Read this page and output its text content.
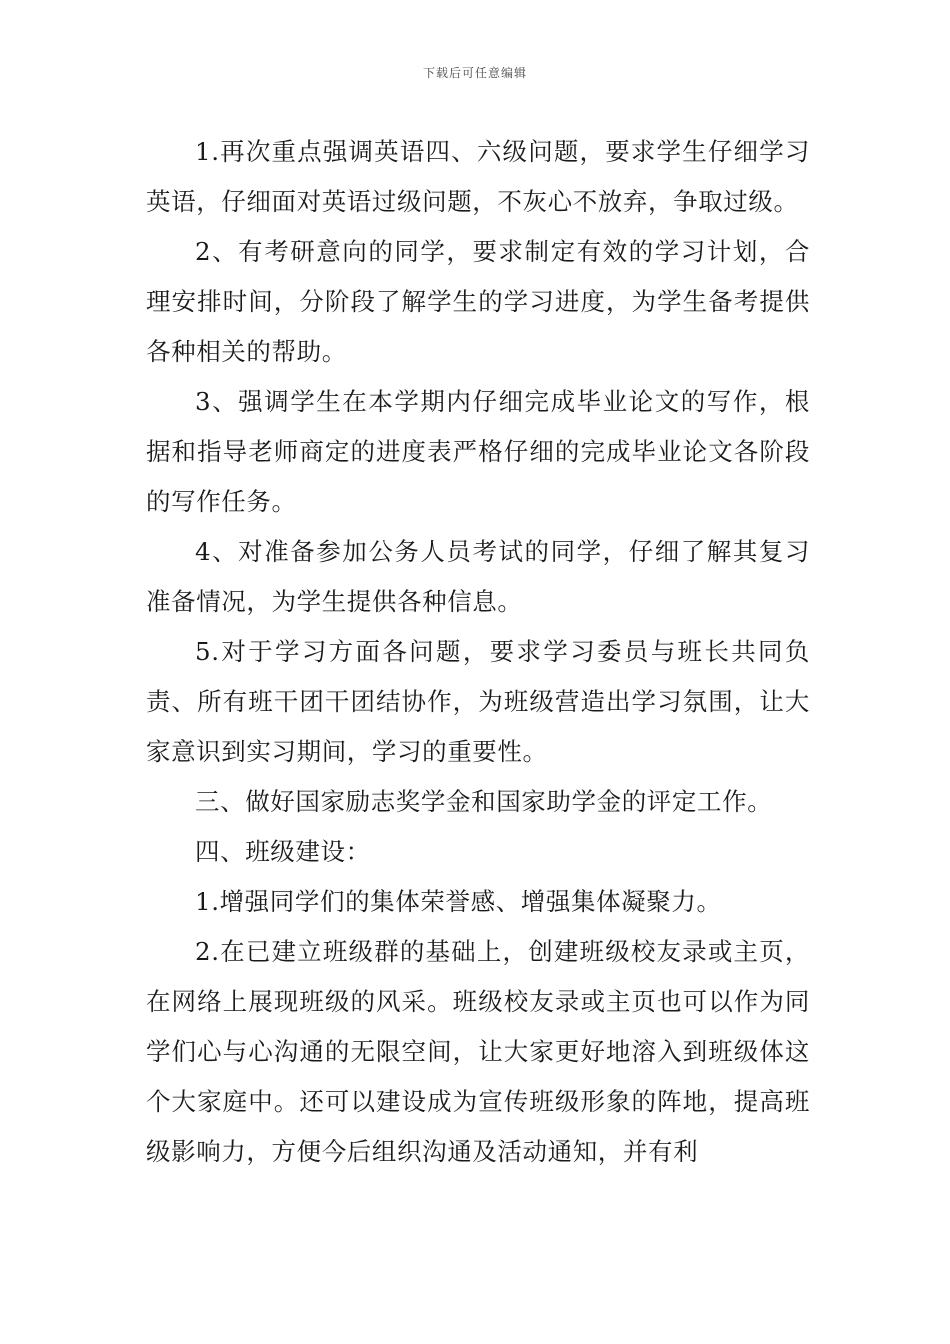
下载后可任意编辑

1.再次重点强调英语四、六级问题，要求学生仔细学习英语，仔细面对英语过级问题，不灰心不放弃，争取过级。

2、有考研意向的同学，要求制定有效的学习计划，合理安排时间，分阶段了解学生的学习进度，为学生备考提供各种相关的帮助。

3、强调学生在本学期内仔细完成毕业论文的写作，根据和指导老师商定的进度表严格仔细的完成毕业论文各阶段的写作任务。

4、对准备参加公务人员考试的同学，仔细了解其复习准备情况，为学生提供各种信息。

5.对于学习方面各问题，要求学习委员与班长共同负责、所有班干团干团结协作，为班级营造出学习氛围，让大家意识到实习期间，学习的重要性。

三、做好国家励志奖学金和国家助学金的评定工作。

四、班级建设：

1.增强同学们的集体荣誉感、增强集体凝聚力。

2.在已建立班级群的基础上，创建班级校友录或主页，在网络上展现班级的风采。班级校友录或主页也可以作为同学们心与心沟通的无限空间，让大家更好地溶入到班级体这个大家庭中。还可以建设成为宣传班级形象的阵地，提高班级影响力，方便今后组织沟通及活动通知，并有利
